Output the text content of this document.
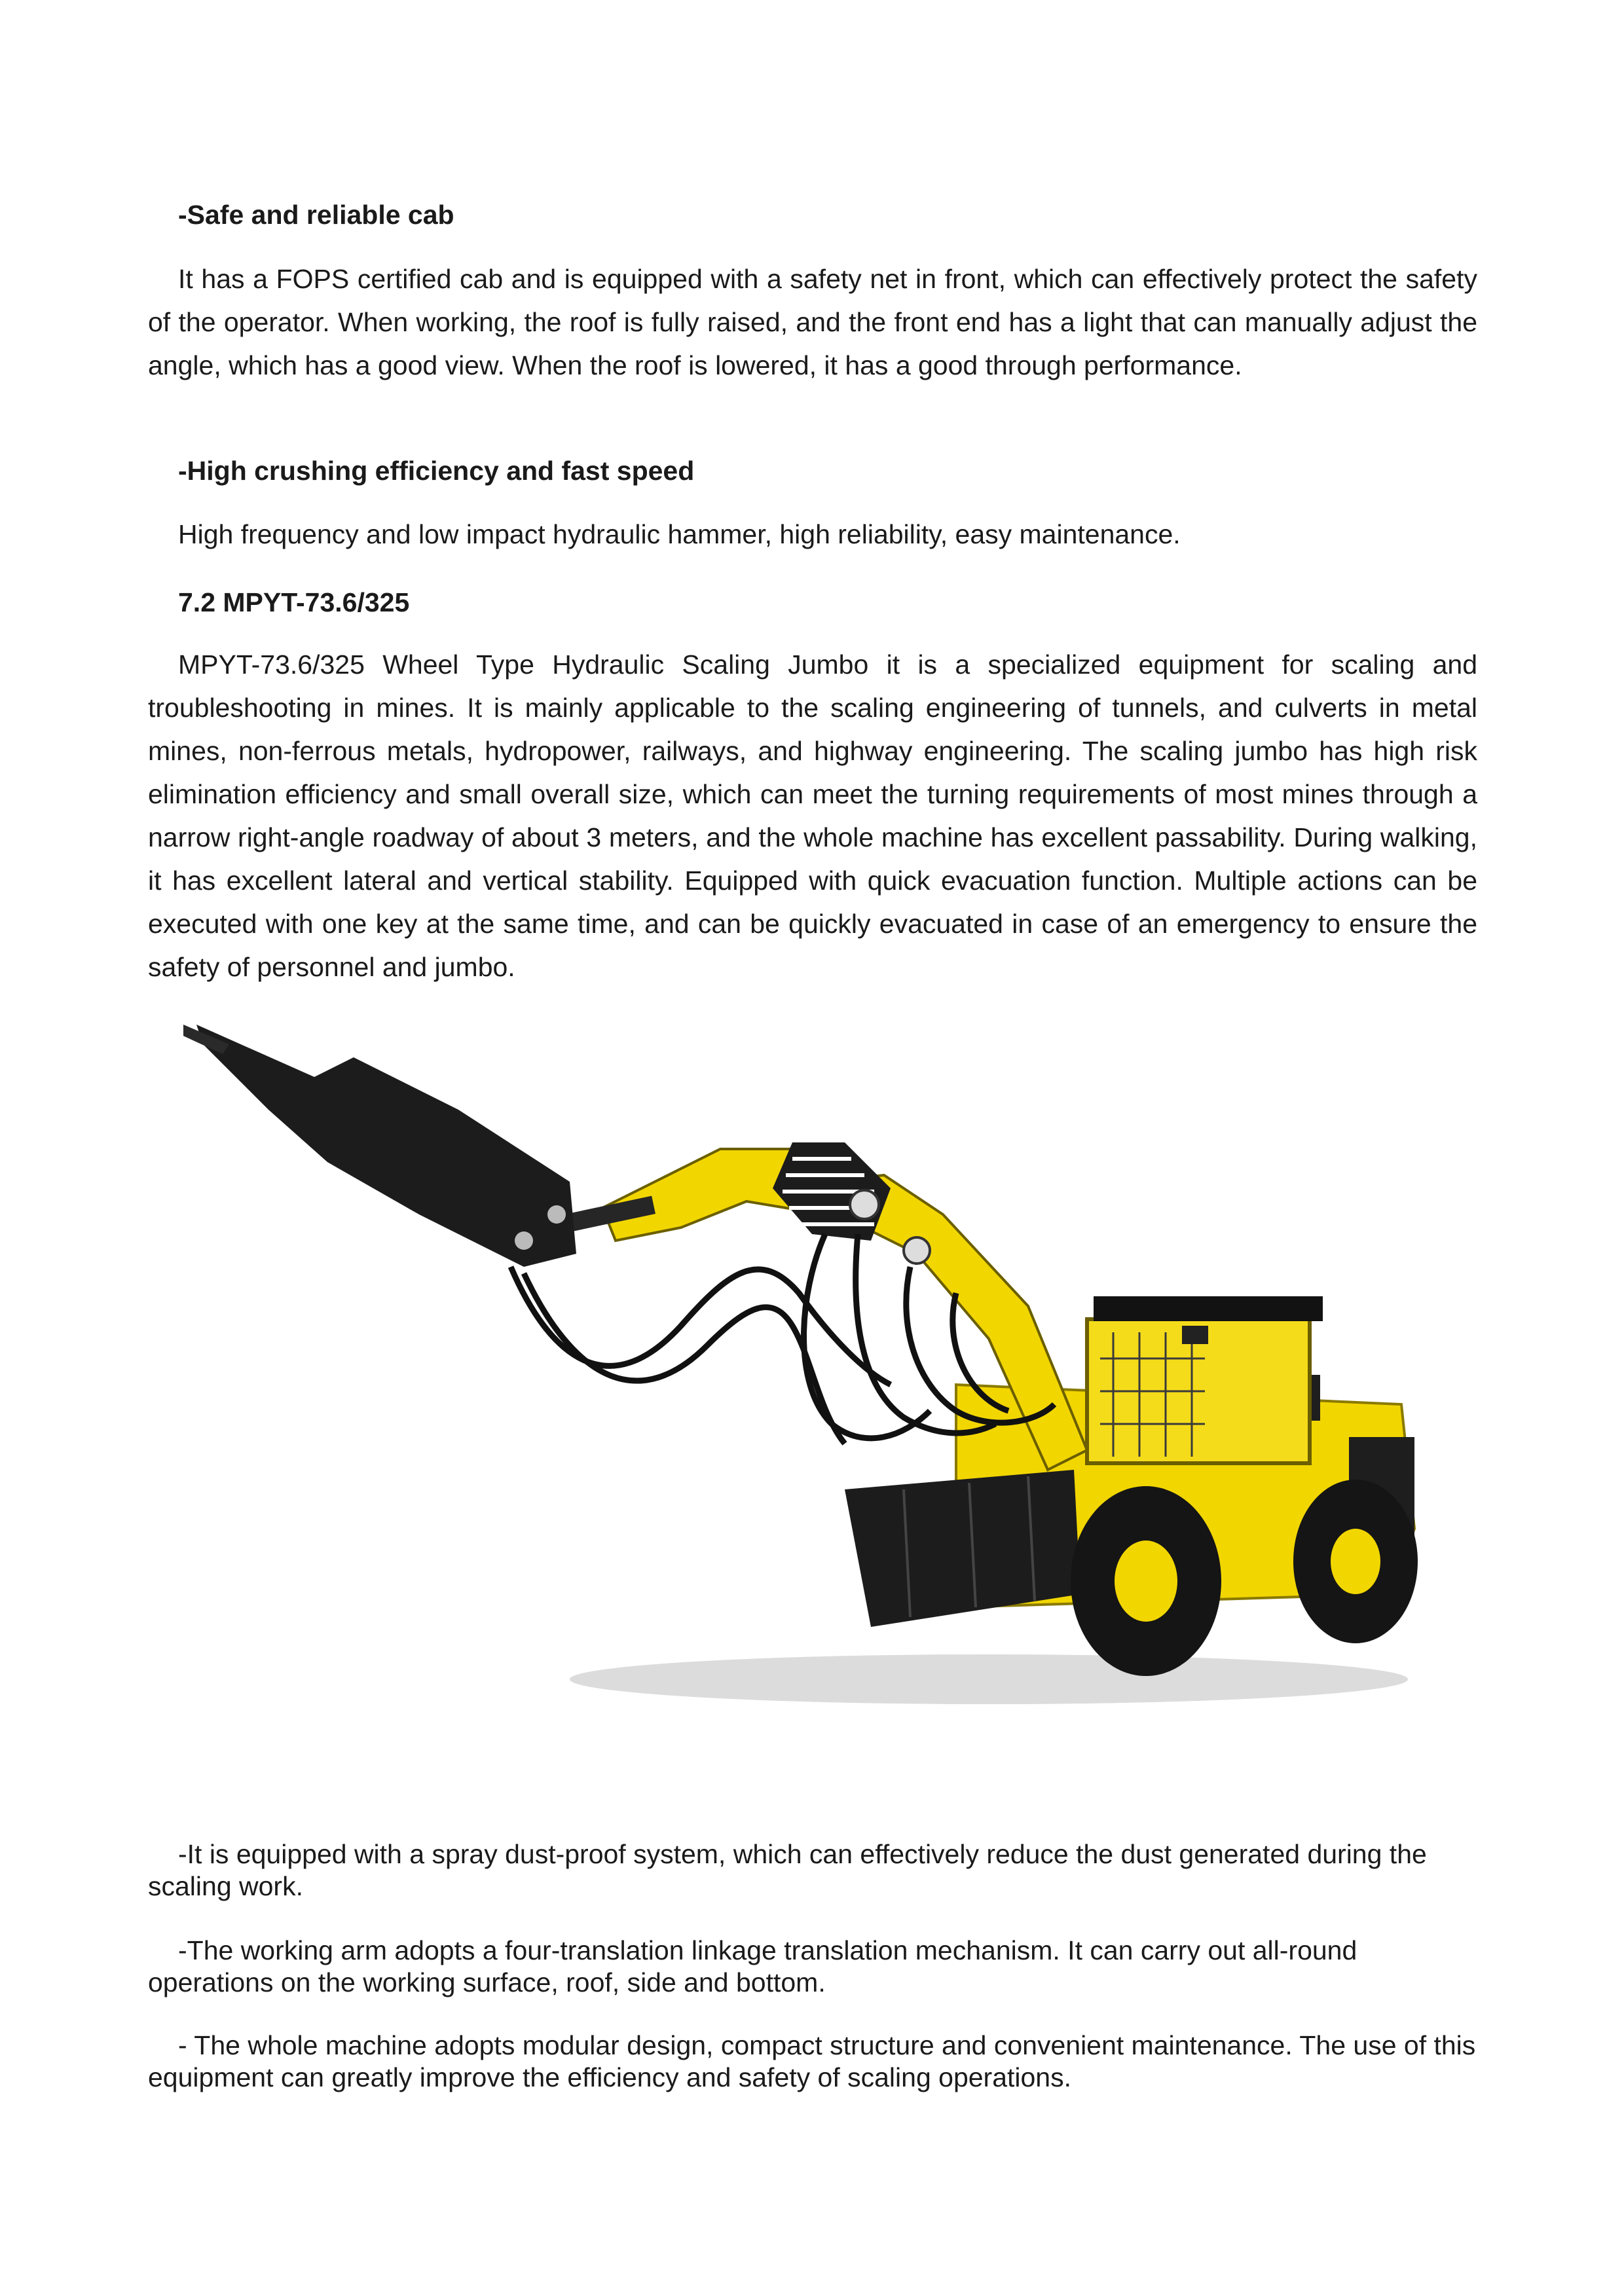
-Safe and reliable cab

It has a FOPS certified cab and is equipped with a safety net in front, which can effectively protect the safety of the operator. When working, the roof is fully raised, and the front end has a light that can manually adjust the angle, which has a good view. When the roof is lowered, it has a good through performance.

-High crushing efficiency and fast speed

High frequency and low impact hydraulic hammer, high reliability, easy maintenance.

7.2 MPYT-73.6/325

MPYT-73.6/325 Wheel Type Hydraulic Scaling Jumbo it is a specialized equipment for scaling and troubleshooting in mines. It is mainly applicable to the scaling engineering of tunnels, and culverts in metal mines, non-ferrous metals, hydropower, railways, and highway engineering. The scaling jumbo has high risk elimination efficiency and small overall size, which can meet the turning requirements of most mines through a narrow right-angle roadway of about 3 meters, and the whole machine has excellent passability. During walking, it has excellent lateral and vertical stability. Equipped with quick evacuation function. Multiple actions can be executed with one key at the same time, and can be quickly evacuated in case of an emergency to ensure the safety of personnel and jumbo.

-It is equipped with a spray dust-proof system, which can effectively reduce the dust generated during the scaling work.

-The working arm adopts a four-translation linkage translation mechanism. It can carry out all-round operations on the working surface, roof, side and bottom.

- The whole machine adopts modular design, compact structure and convenient maintenance. The use of this equipment can greatly improve the efficiency and safety of scaling operations.
